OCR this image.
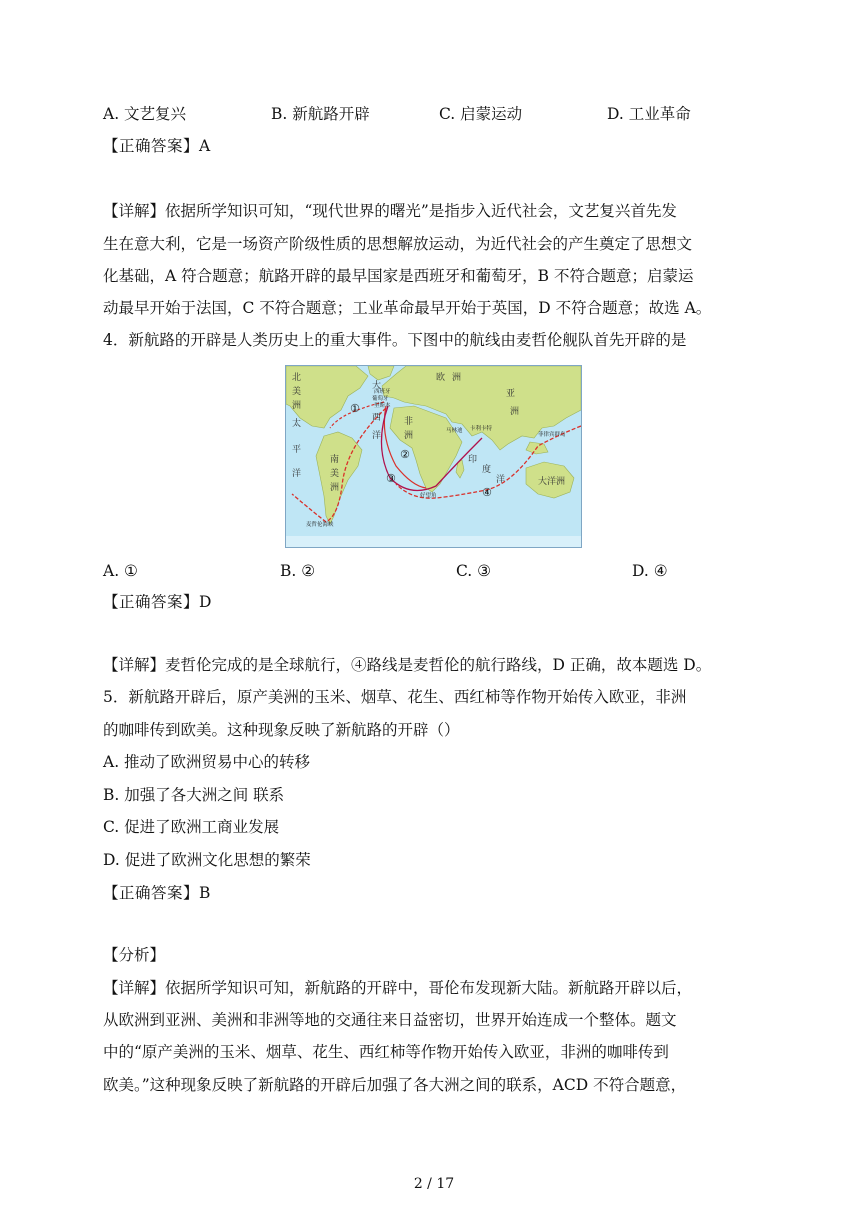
A. 文艺复兴	B. 新航路开辟	C. 启蒙运动	D. 工业革命
【正确答案】A
【详解】依据所学知识可知，“现代世界的曙光”是指步入近代社会，文艺复兴首先发
生在意大利，它是一场资产阶级性质的思想解放运动，为近代社会的产生奠定了思想文
化基础，A 符合题意；航路开辟的最早国家是西班牙和葡萄牙，B 不符合题意；启蒙运
动最早开始于法国，C 不符合题意；工业革命最早开始于英国，D 不符合题意；故选 A。
4．新航路的开辟是人类历史上的重大事件。下图中的航线由麦哲伦舰队首先开辟的是
北
美
洲
欧 洲
亚
洲
非
洲
南
美
洲
太
平
洋
大
西
洋
印
度
洋	大洋洲
西班牙
葡萄牙
里斯本
马林迪 卡利卡特
菲律宾群岛
好望角
麦哲伦海峡
①
②
③
④
A. ①	B. ②	C. ③	D. ④
【正确答案】D
【详解】麦哲伦完成的是全球航行，④路线是麦哲伦的航行路线，D 正确，故本题选 D。
5．新航路开辟后，原产美洲的玉米、烟草、花生、西红柿等作物开始传入欧亚，非洲
的咖啡传到欧美。这种现象反映了新航路的开辟（）
A. 推动了欧洲贸易中心的转移
B. 加强了各大洲之间 联系
C. 促进了欧洲工商业发展
D. 促进了欧洲文化思想的繁荣
【正确答案】B
【分析】
【详解】依据所学知识可知，新航路的开辟中，哥伦布发现新大陆。新航路开辟以后，
从欧洲到亚洲、美洲和非洲等地的交通往来日益密切，世界开始连成一个整体。题文
中的“原产美洲的玉米、烟草、花生、西红柿等作物开始传入欧亚，非洲的咖啡传到
欧美。”这种现象反映了新航路的开辟后加强了各大洲之间的联系，ACD 不符合题意，
2 / 17
